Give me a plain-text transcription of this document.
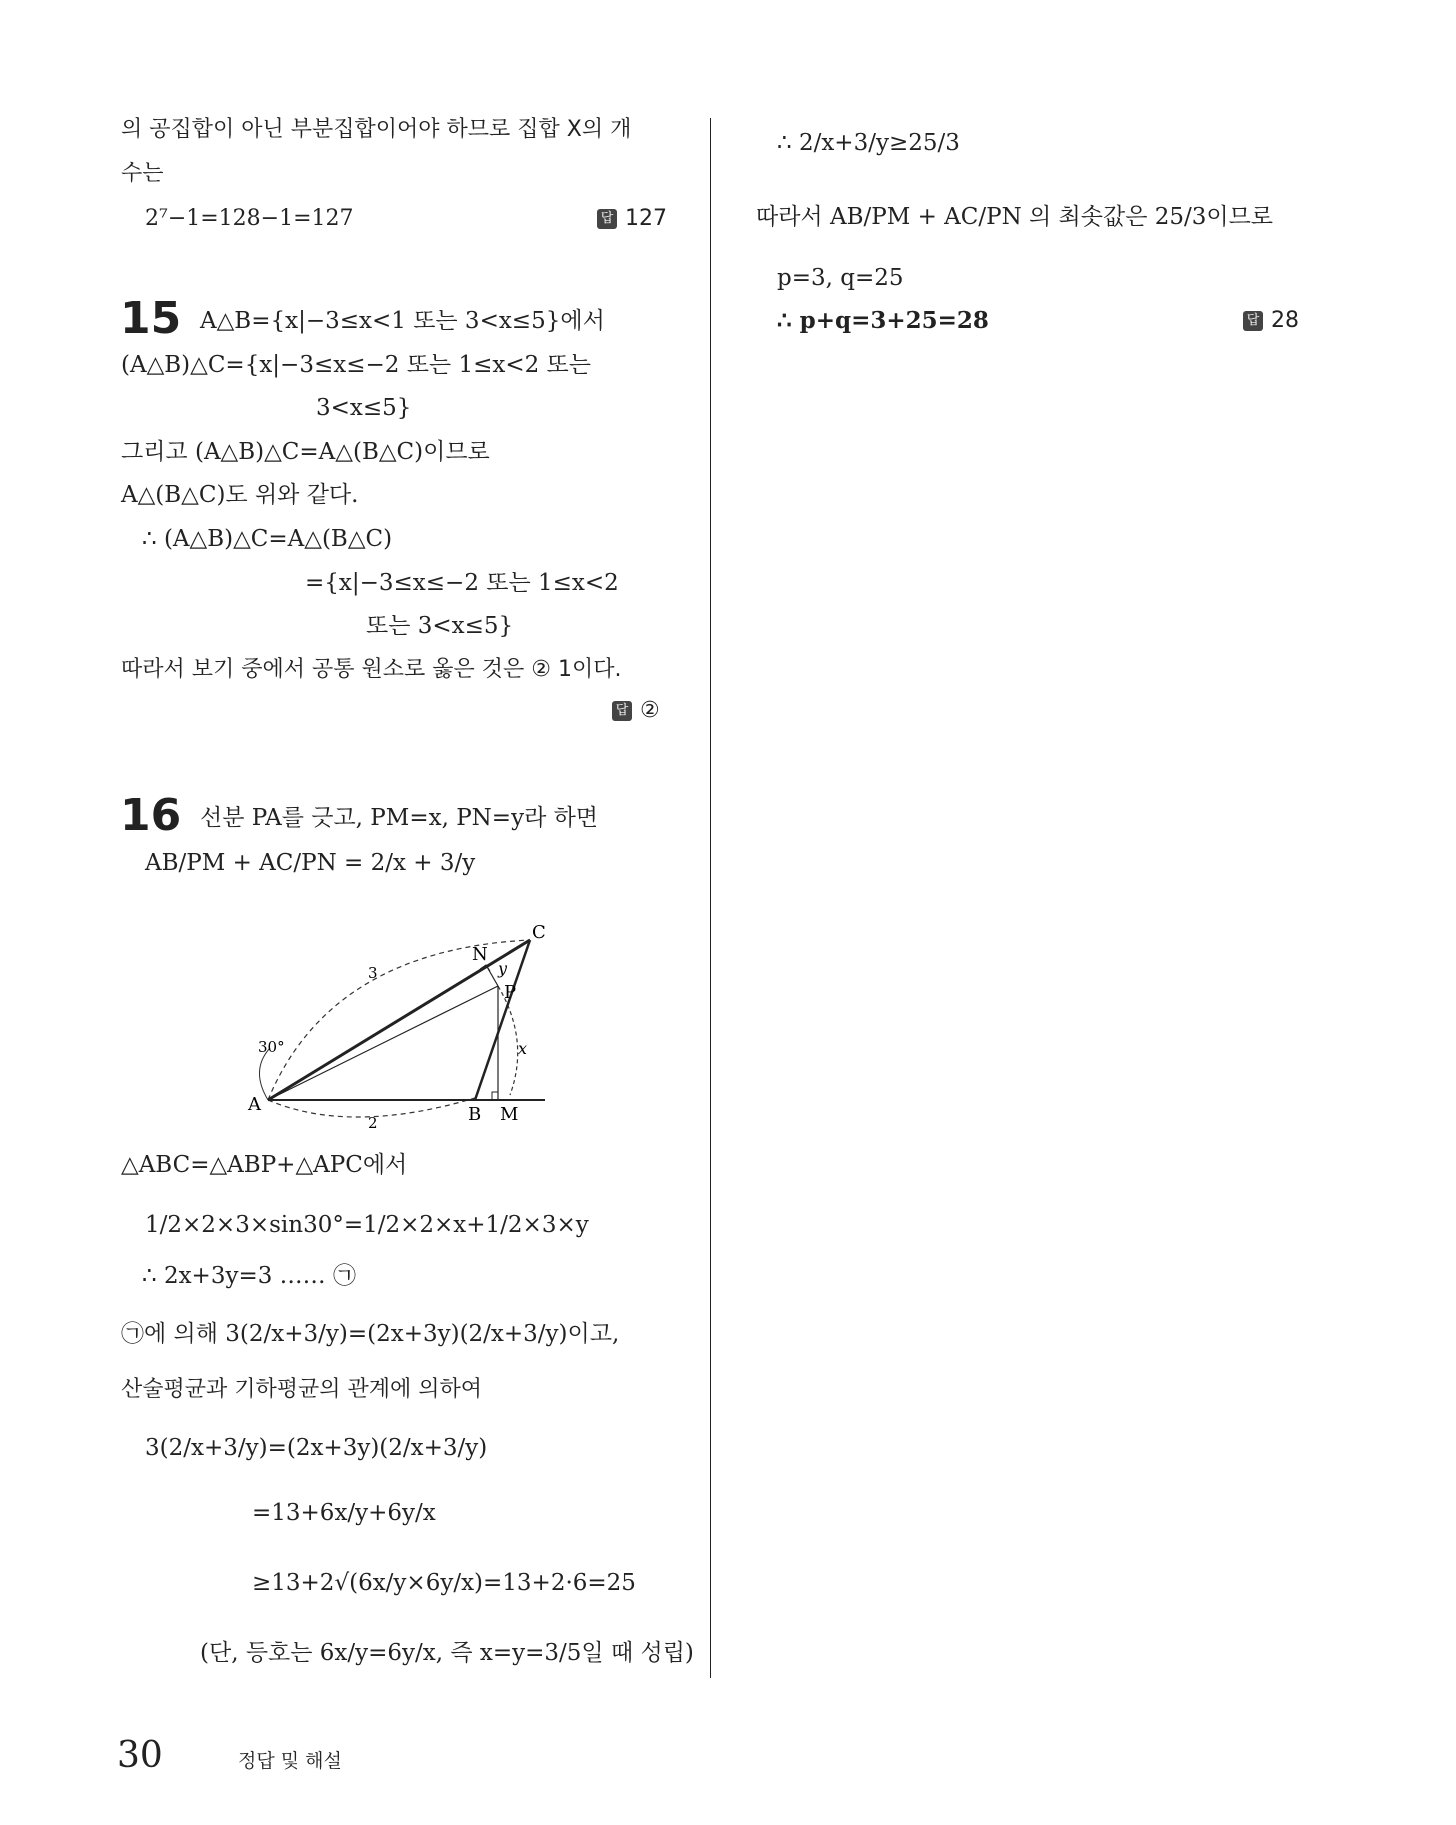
의 공집합이 아닌 부분집합이어야 하므로 집합 X의 개
수는
2⁷−1=128−1=127	답 127
15 A△B={x|−3≤x<1 또는 3<x≤5}에서
(A△B)△C={x|−3≤x≤−2 또는 1≤x<2 또는
3<x≤5}
그리고 (A△B)△C=A△(B△C)이므로
A△(B△C)도 위와 같다.
∴ (A△B)△C=A△(B△C)
={x|−3≤x≤−2 또는 1≤x<2
또는 3<x≤5}
따라서 보기 중에서 공통 원소로 옳은 것은 ② 1이다.
답 ②
16 선분 PA를 긋고, PM=x, PN=y라 하면
AB/PM + AC/PN = 2/x + 3/y
A	B M
C
N
P
3
2
30°	x
y
△ABC=△ABP+△APC에서
1/2×2×3×sin30°=1/2×2×x+1/2×3×y
∴ 2x+3y=3 …… ㉠
㉠에 의해 3(2/x+3/y)=(2x+3y)(2/x+3/y)이고,
산술평균과 기하평균의 관계에 의하여
3(2/x+3/y)=(2x+3y)(2/x+3/y)
=13+6x/y+6y/x
≥13+2√(6x/y×6y/x)=13+2·6=25
(단, 등호는 6x/y=6y/x, 즉 x=y=3/5일 때 성립)
∴ 2/x+3/y≥25/3
따라서 AB/PM + AC/PN 의 최솟값은 25/3이므로
p=3, q=25
∴ p+q=3+25=28	답 28
30	정답 및 해설
